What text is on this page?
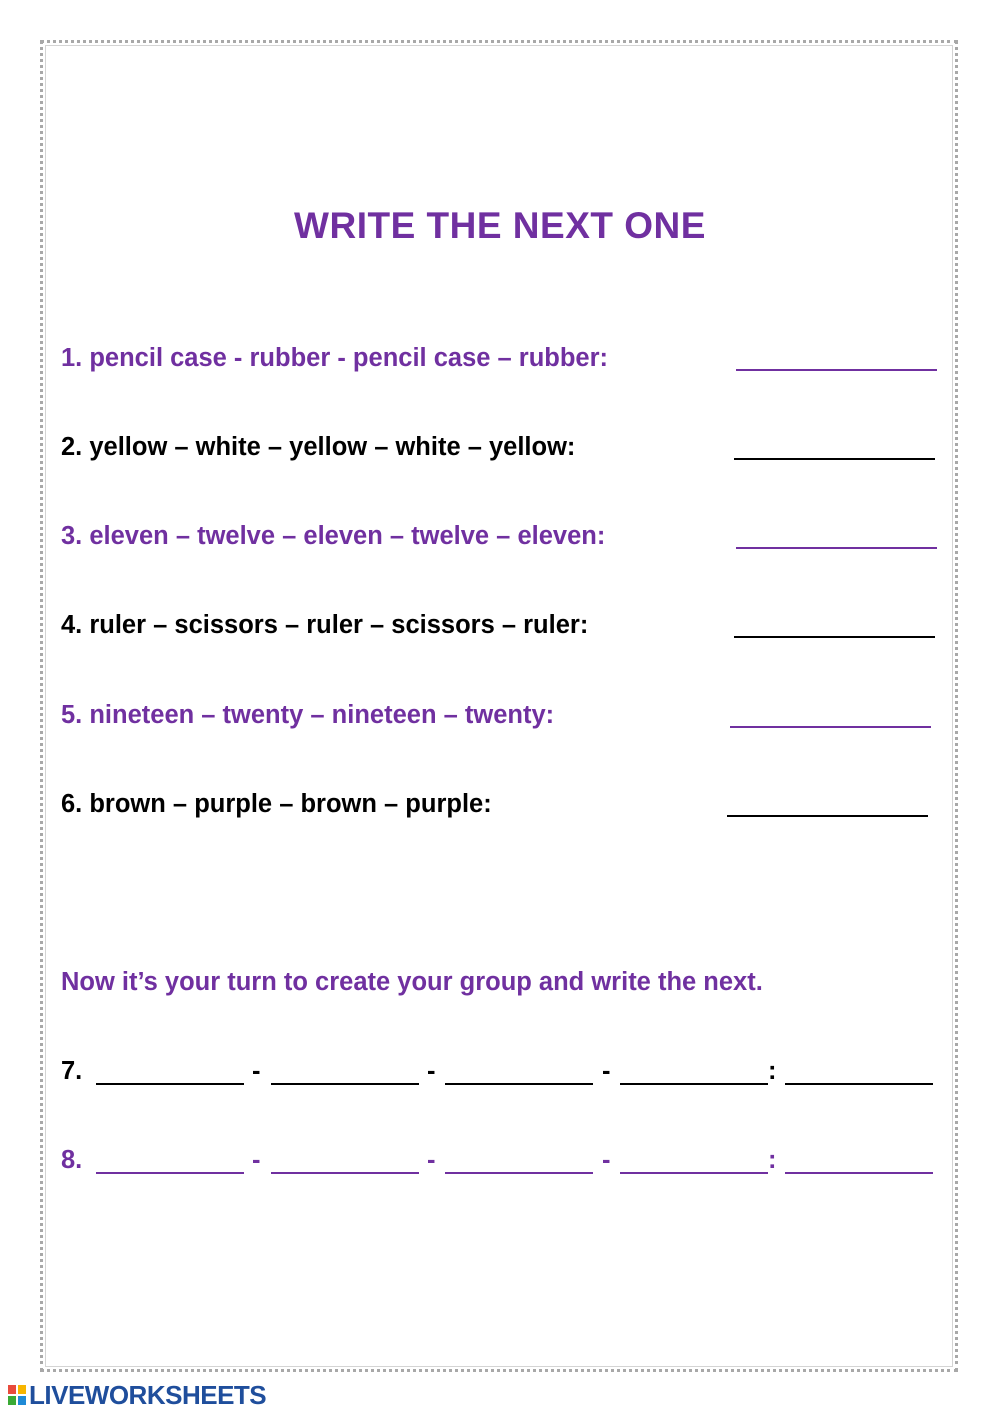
WRITE THE NEXT ONE
1. pencil case - rubber - pencil case – rubber:
2. yellow – white – yellow – white – yellow:
3. eleven – twelve – eleven – twelve – eleven:
4. ruler – scissors – ruler – scissors – ruler:
5. nineteen – twenty – nineteen – twenty:
6. brown – purple – brown – purple:
Now it’s your turn to create your group and write the next.
7.	-	-	-	:
8.	-	-	-	:
LIVEWORKSHEETS
